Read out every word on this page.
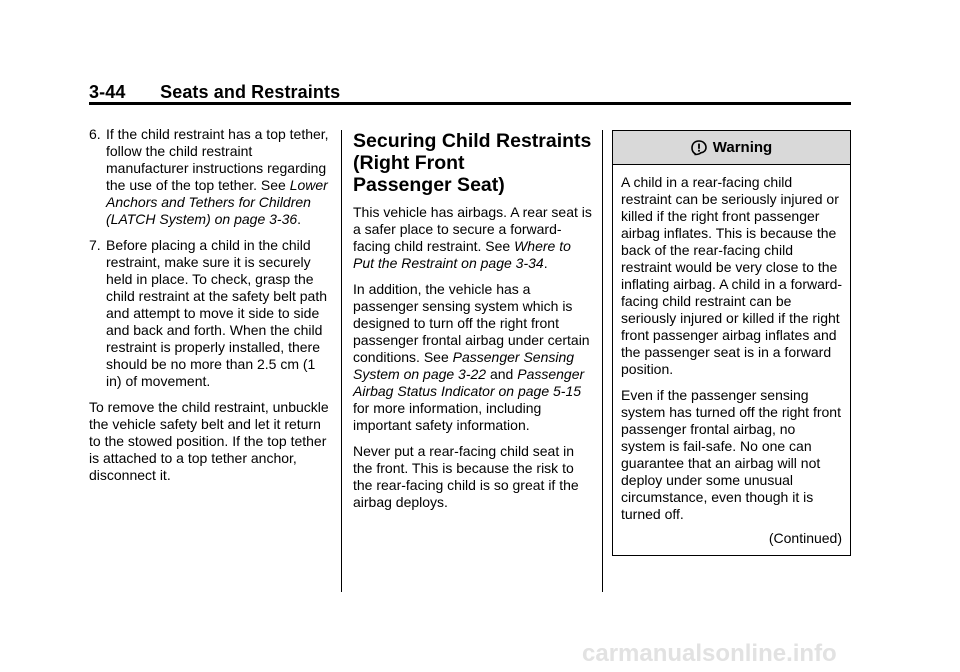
3-44 Seats and Restraints
6. If the child restraint has a top tether, follow the child restraint manufacturer instructions regarding the use of the top tether. See Lower Anchors and Tethers for Children (LATCH System) on page 3-36.
7. Before placing a child in the child restraint, make sure it is securely held in place. To check, grasp the child restraint at the safety belt path and attempt to move it side to side and back and forth. When the child restraint is properly installed, there should be no more than 2.5 cm (1 in) of movement.

To remove the child restraint, unbuckle the vehicle safety belt and let it return to the stowed position. If the top tether is attached to a top tether anchor, disconnect it.

Securing Child Restraints
(Right Front
Passenger Seat)

This vehicle has airbags. A rear seat is a safer place to secure a forward-facing child restraint. See Where to Put the Restraint on page 3-34.

In addition, the vehicle has a passenger sensing system which is designed to turn off the right front passenger frontal airbag under certain conditions. See Passenger Sensing System on page 3-22 and Passenger Airbag Status Indicator on page 5-15 for more information, including important safety information.

Never put a rear-facing child seat in the front. This is because the risk to the rear-facing child is so great if the airbag deploys.

Warning

A child in a rear-facing child restraint can be seriously injured or killed if the right front passenger airbag inflates. This is because the back of the rear-facing child restraint would be very close to the inflating airbag. A child in a forward-facing child restraint can be seriously injured or killed if the right front passenger airbag inflates and the passenger seat is in a forward position.

Even if the passenger sensing system has turned off the right front passenger frontal airbag, no system is fail-safe. No one can guarantee that an airbag will not deploy under some unusual circumstance, even though it is turned off.

(Continued)
carmanualsonline.info
